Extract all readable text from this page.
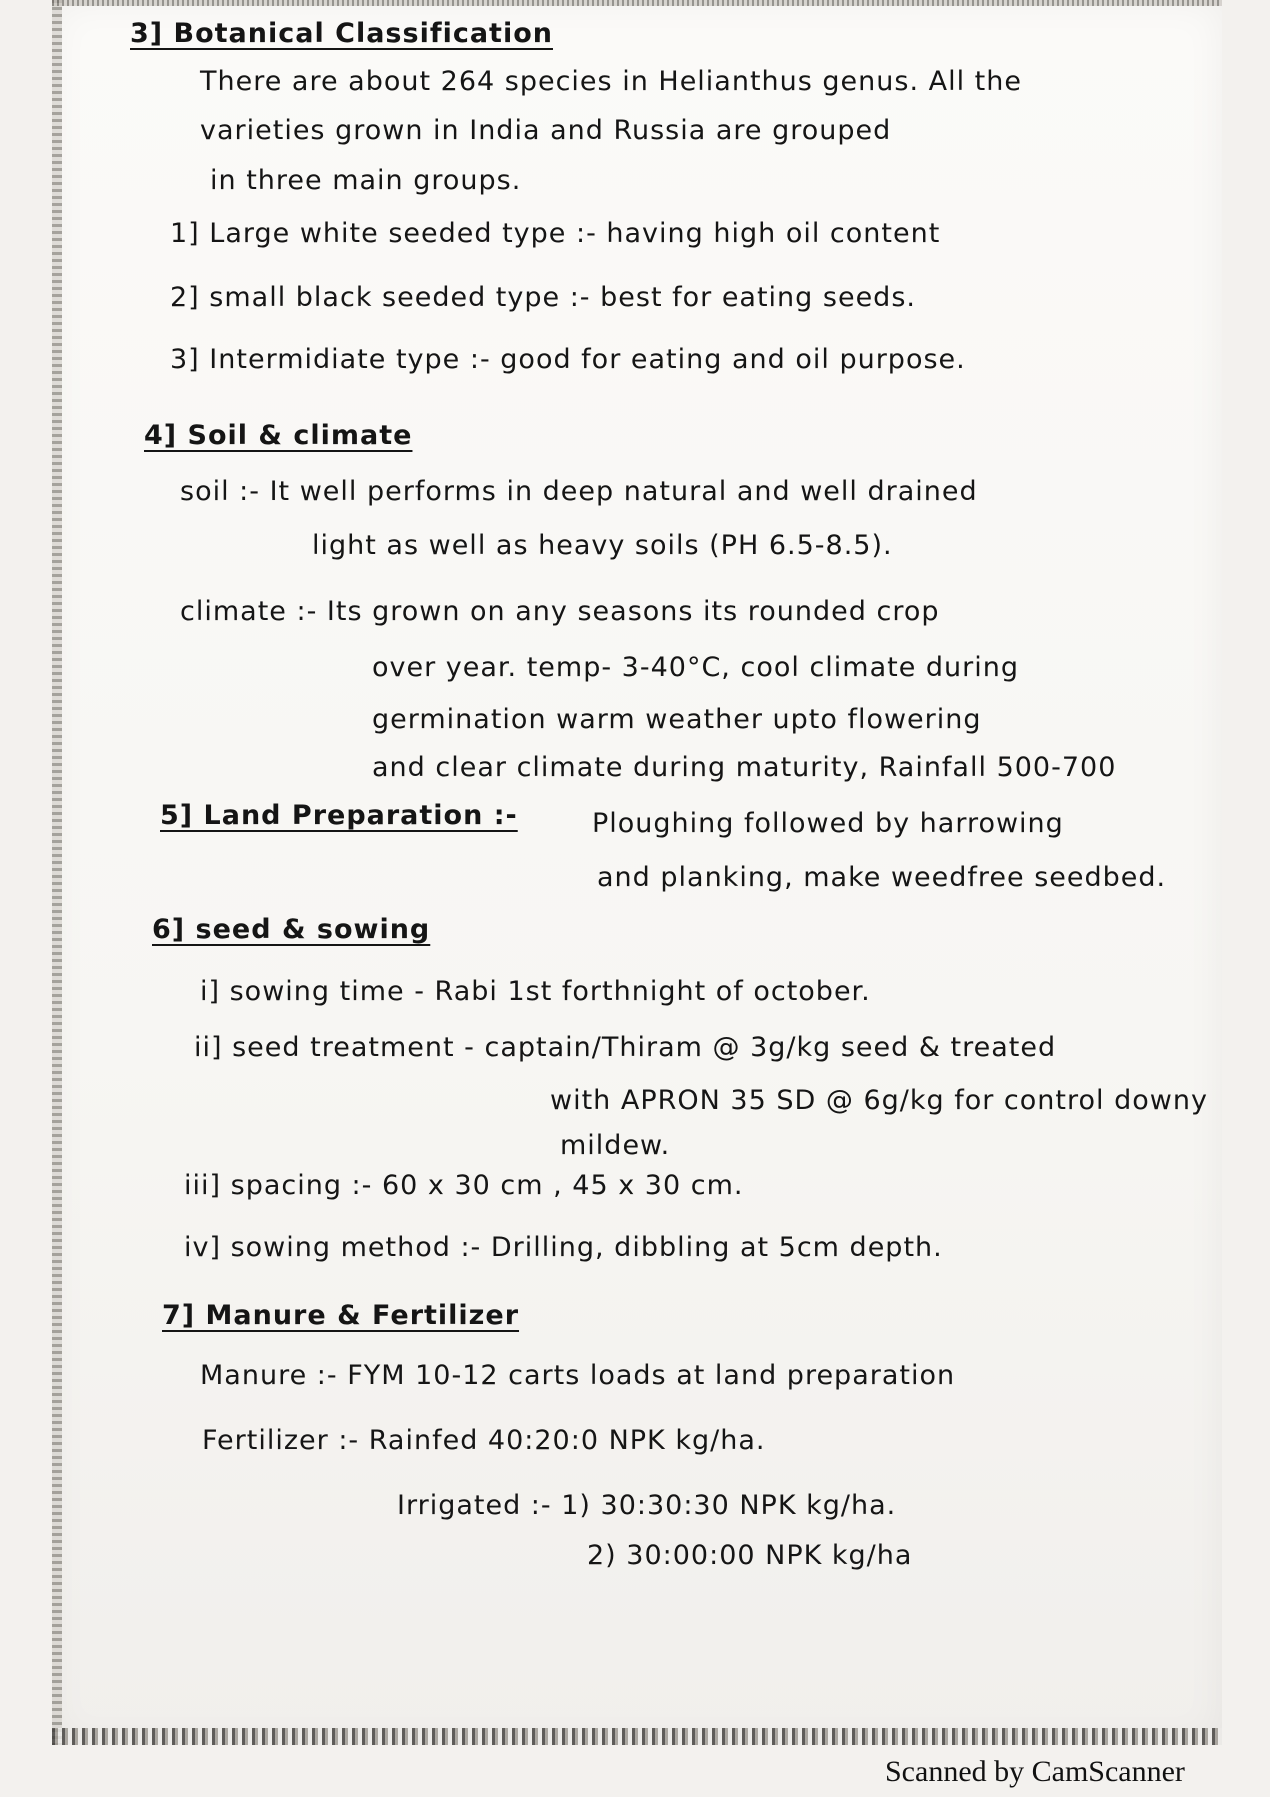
3] Botanical Classification
There are about 264 species in Helianthus genus. All the
varieties grown in India and Russia are grouped
in three main groups.
1] Large white seeded type :- having high oil content
2] small black seeded type :- best for eating seeds.
3] Intermidiate type :- good for eating and oil purpose.
4] Soil & climate
soil :- It well performs in deep natural and well drained
light as well as heavy soils (PH 6.5-8.5).
climate :- Its grown on any seasons its rounded crop
over year. temp- 3-40°C, cool climate during
germination warm weather upto flowering
and clear climate during maturity, Rainfall 500-700
5] Land Preparation :-	Ploughing followed by harrowing
and planking, make weedfree seedbed.
6] seed & sowing
i] sowing time - Rabi 1st forthnight of october.
ii] seed treatment - captain/Thiram @ 3g/kg seed & treated
with APRON 35 SD @ 6g/kg for control downy
mildew.
iii] spacing :- 60 x 30 cm , 45 x 30 cm.
iv] sowing method :- Drilling, dibbling at 5cm depth.
7] Manure & Fertilizer
Manure :- FYM 10-12 carts loads at land preparation
Fertilizer :- Rainfed 40:20:0 NPK kg/ha.
Irrigated :- 1) 30:30:30 NPK kg/ha.
2) 30:00:00 NPK kg/ha
Scanned by CamScanner
